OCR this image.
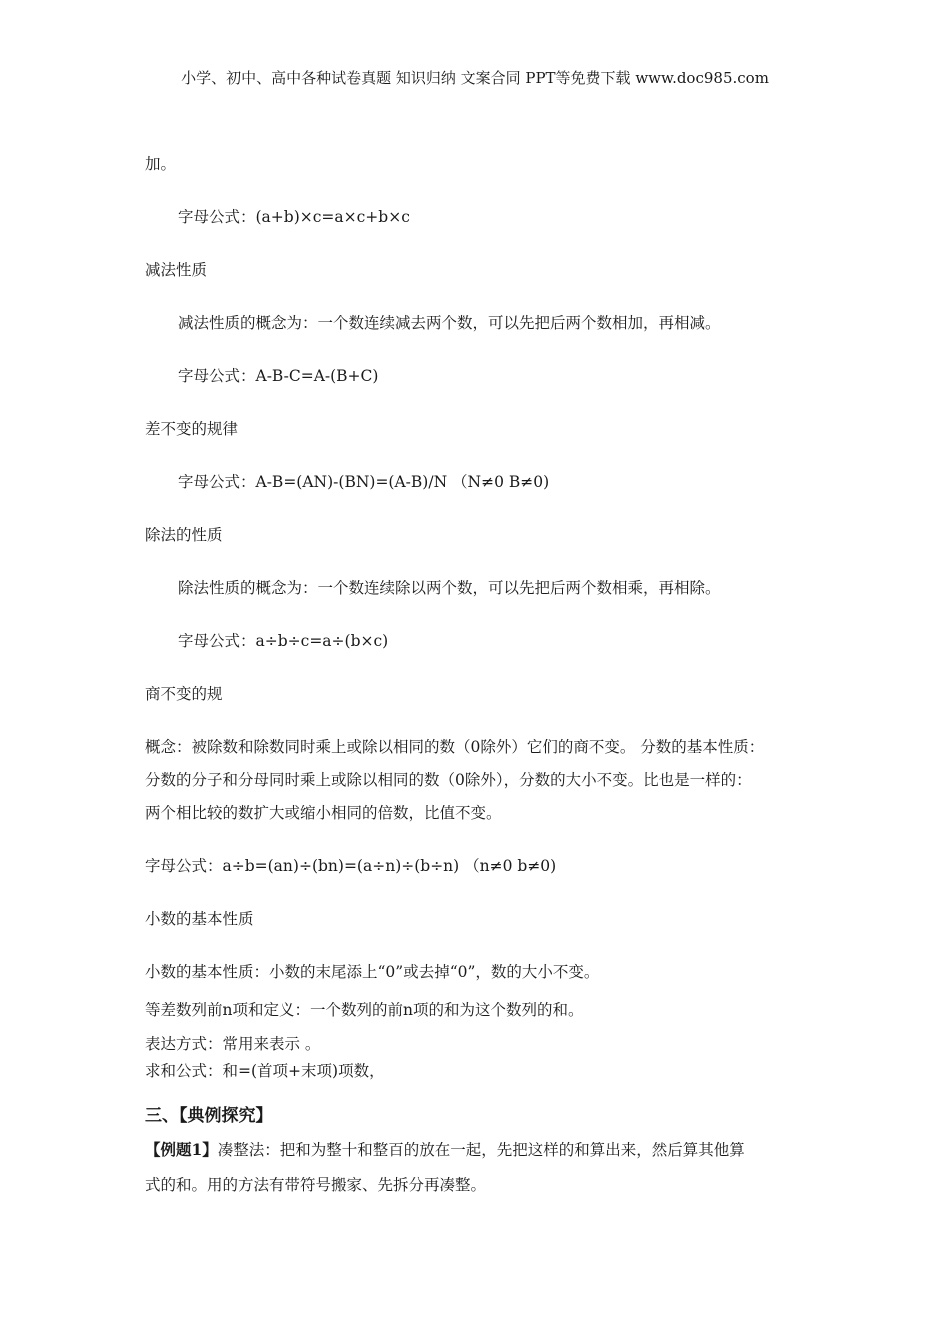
小学、初中、高中各种试卷真题 知识归纳 文案合同 PPT等免费下载 www.doc985.com
加。
字母公式：(a+b)×c=a×c+b×c
减法性质
减法性质的概念为：一个数连续减去两个数，可以先把后两个数相加，再相减。
字母公式：A-B-C=A-(B+C)
差不变的规律
字母公式：A-B=(AN)-(BN)=(A-B)/N （N≠0 B≠0)
除法的性质
除法性质的概念为：一个数连续除以两个数，可以先把后两个数相乘，再相除。
字母公式：a÷b÷c=a÷(b×c)
商不变的规
概念：被除数和除数同时乘上或除以相同的数（0除外）它们的商不变。 分数的基本性质：
分数的分子和分母同时乘上或除以相同的数（0除外），分数的大小不变。比也是一样的：
两个相比较的数扩大或缩小相同的倍数，比值不变。
字母公式：a÷b=(an)÷(bn)=(a÷n)÷(b÷n) （n≠0 b≠0)
小数的基本性质
小数的基本性质：小数的末尾添上“0”或去掉“0”，数的大小不变。
等差数列前n项和定义：一个数列的前n项的和为这个数列的和。
表达方式：常用来表示 。
求和公式：和=(首项+末项)项数，
三、【典例探究】
【例题1】凑整法：把和为整十和整百的放在一起，先把这样的和算出来，然后算其他算
式的和。用的方法有带符号搬家、先拆分再凑整。
